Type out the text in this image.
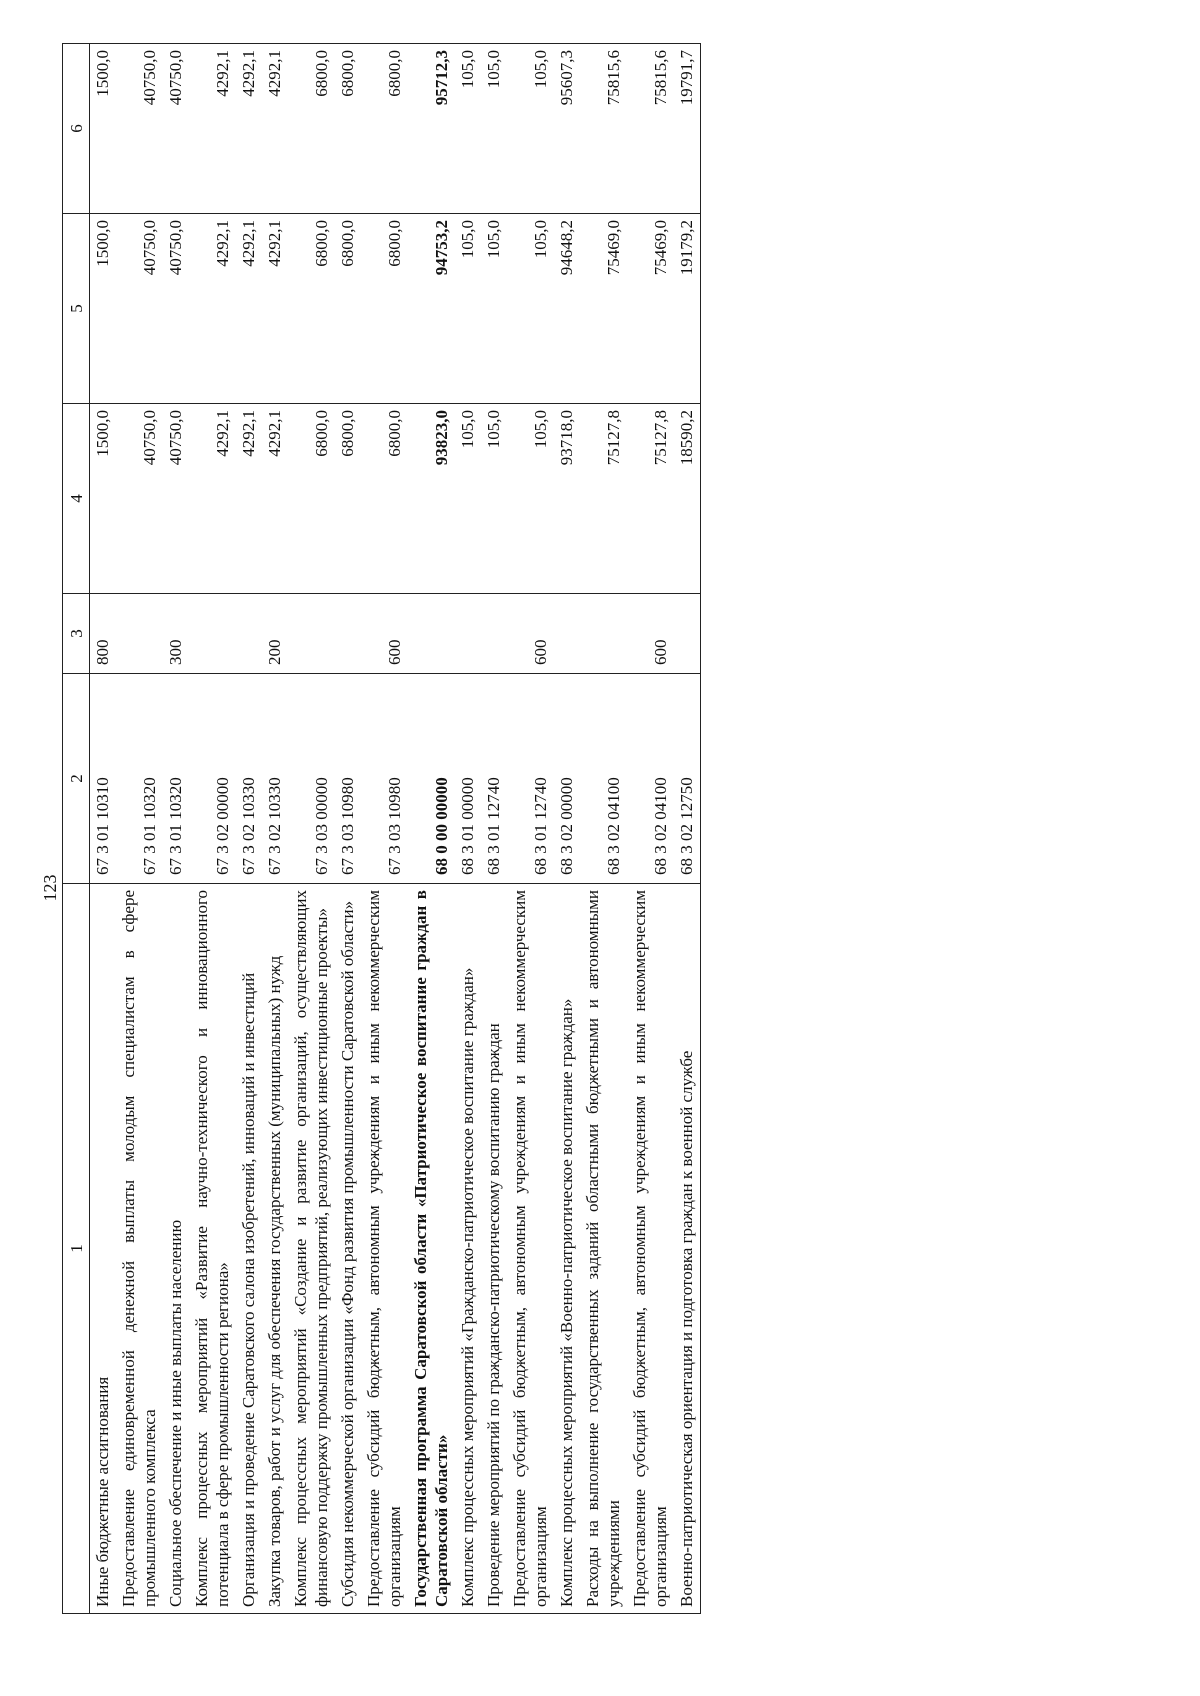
123
1	2	3	4	5	6
Иные бюджетные ассигнования	67 3 01 10310	800	1500,0	1500,0	1500,0
Предоставление единовременной денежной выплаты молодым специалистам в сфере промышленного комплекса	67 3 01 10320		40750,0	40750,0	40750,0
Социальное обеспечение и иные выплаты населению	67 3 01 10320	300	40750,0	40750,0	40750,0
Комплекс процессных мероприятий «Развитие научно-технического и инновационного потенциала в сфере промышленности региона»	67 3 02 00000		4292,1	4292,1	4292,1
Организация и проведение Саратовского салона изобретений, инноваций и инвестиций	67 3 02 10330		4292,1	4292,1	4292,1
Закупка товаров, работ и услуг для обеспечения государственных (муниципальных) нужд	67 3 02 10330	200	4292,1	4292,1	4292,1
Комплекс процессных мероприятий «Создание и развитие организаций, осуществляющих финансовую поддержку промышленных предприятий, реализующих инвестиционные проекты»	67 3 03 00000		6800,0	6800,0	6800,0
Субсидия некоммерческой организации «Фонд развития промышленности Саратовской области»	67 3 03 10980		6800,0	6800,0	6800,0
Предоставление субсидий бюджетным, автономным учреждениям и иным некоммерческим организациям	67 3 03 10980	600	6800,0	6800,0	6800,0
Государственная программа Саратовской области «Патриотическое воспитание граждан в Саратовской области»	68 0 00 00000		93823,0	94753,2	95712,3
Комплекс процессных мероприятий «Гражданско-патриотическое воспитание граждан»	68 3 01 00000		105,0	105,0	105,0
Проведение мероприятий по гражданско-патриотическому воспитанию граждан	68 3 01 12740		105,0	105,0	105,0
Предоставление субсидий бюджетным, автономным учреждениям и иным некоммерческим организациям	68 3 01 12740	600	105,0	105,0	105,0
Комплекс процессных мероприятий «Военно-патриотическое воспитание граждан»	68 3 02 00000		93718,0	94648,2	95607,3
Расходы на выполнение государственных заданий областными бюджетными и автономными учреждениями	68 3 02 04100		75127,8	75469,0	75815,6
Предоставление субсидий бюджетным, автономным учреждениям и иным некоммерческим организациям	68 3 02 04100	600	75127,8	75469,0	75815,6
Военно-патриотическая ориентация и подготовка граждан к военной службе	68 3 02 12750		18590,2	19179,2	19791,7
